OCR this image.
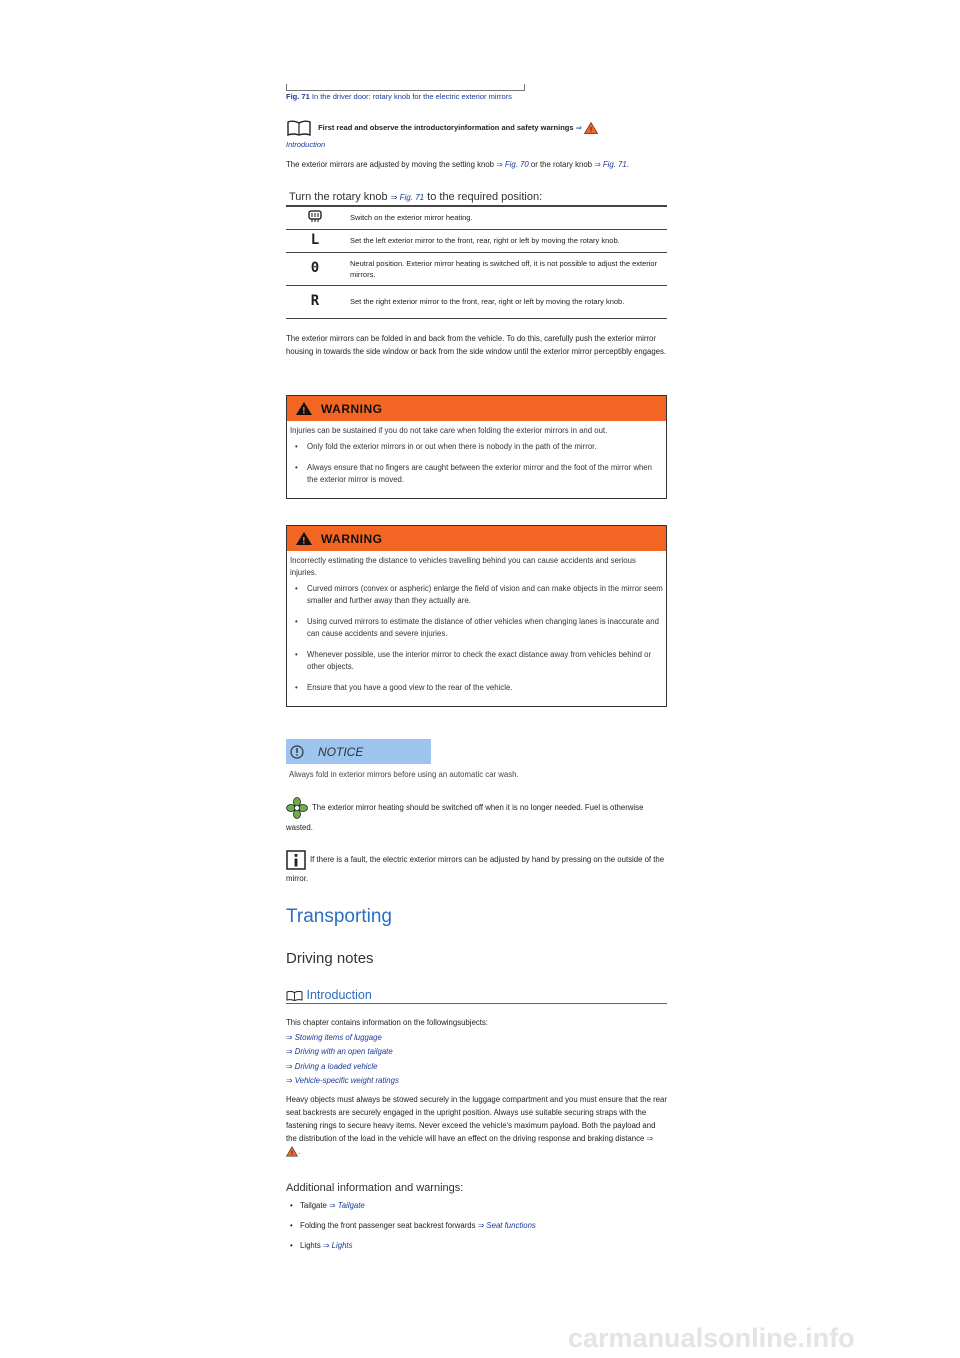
Fig. 71 In the driver door: rotary knob for the electric exterior mirrors
First read and observe the introductoryinformation and safety warnings ⇒ !
Introduction
The exterior mirrors are adjusted by moving the setting knob ⇒ Fig. 70 or the rotary knob ⇒ Fig. 71.
Turn the rotary knob ⇒ Fig. 71 to the required position:
	Switch on the exterior mirror heating.
L	Set the left exterior mirror to the front, rear, right or left by moving the rotary knob.
0	Neutral position. Exterior mirror heating is switched off, it is not possible to adjust the exterior mirrors.
R	Set the right exterior mirror to the front, rear, right or left by moving the rotary knob.
The exterior mirrors can be folded in and back from the vehicle. To do this, carefully push the exterior mirror housing in towards the side window or back from the side window until the exterior mirror perceptibly engages.
! WARNING
Injuries can be sustained if you do not take care when folding the exterior mirrors in and out.
• Only fold the exterior mirrors in or out when there is nobody in the path of the mirror.
• Always ensure that no fingers are caught between the exterior mirror and the foot of the mirror when the exterior mirror is moved.
! WARNING
Incorrectly estimating the distance to vehicles travelling behind you can cause accidents and serious injuries.
• Curved mirrors (convex or aspheric) enlarge the field of vision and can make objects in the mirror seem smaller and further away than they actually are.
• Using curved mirrors to estimate the distance of other vehicles when changing lanes is inaccurate and can cause accidents and severe injuries.
• Whenever possible, use the interior mirror to check the exact distance away from vehicles behind or other objects.
• Ensure that you have a good view to the rear of the vehicle.
NOTICE
Always fold in exterior mirrors before using an automatic car wash.
The exterior mirror heating should be switched off when it is no longer needed. Fuel is otherwise wasted.
If there is a fault, the electric exterior mirrors can be adjusted by hand by pressing on the outside of the mirror.
Transporting
Driving notes
Introduction
This chapter contains information on the followingsubjects:
⇒ Stowing items of luggage
⇒ Driving with an open tailgate
⇒ Driving a loaded vehicle
⇒ Vehicle-specific weight ratings
Heavy objects must always be stowed securely in the luggage compartment and you must ensure that the rear seat backrests are securely engaged in the upright position. Always use suitable securing straps with the fastening rings to secure heavy items. Never exceed the vehicle's maximum payload. Both the payload and the distribution of the load in the vehicle will have an effect on the driving response and braking distance ⇒
! .
Additional information and warnings:
• Tailgate ⇒ Tailgate
• Folding the front passenger seat backrest forwards ⇒ Seat functions
• Lights ⇒ Lights
carmanualsonline.info
